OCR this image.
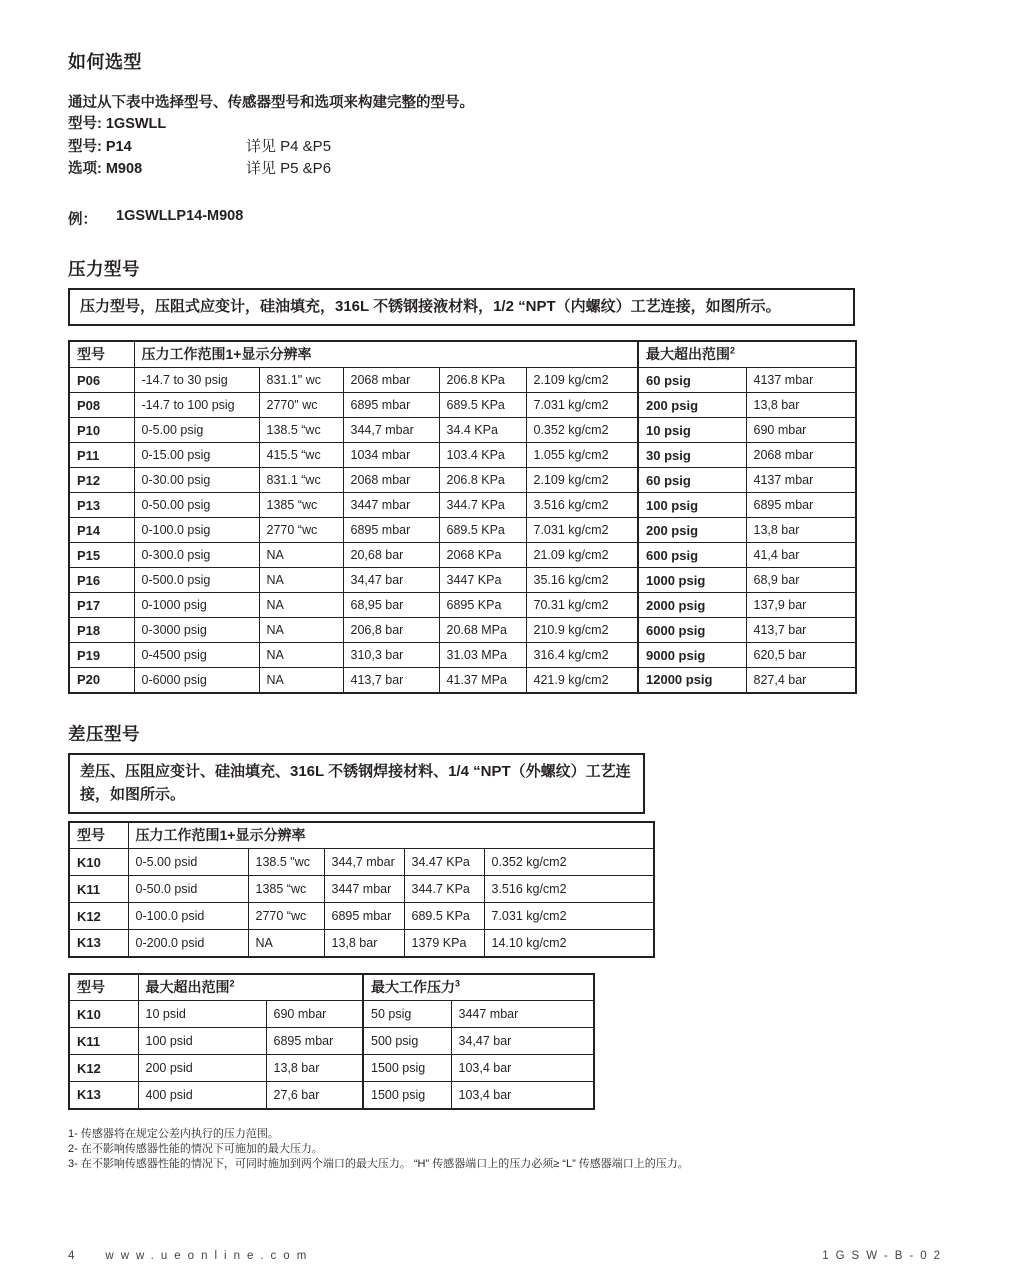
如何选型

通过从下表中选择型号、传感器型号和选项来构建完整的型号。

型号: 1GSWLL
型号: P14	详见 P4 &P5
选项: M908	详见 P5 &P6
例：	1GSWLLP14-M908
压力型号
压力型号，压阻式应变计，硅油填充，316L 不锈钢接液材料，1/2 “NPT（内螺纹）工艺连接，如图所示。
型号	压力工作范围1+显示分辨率					最大超出范围$^2$
P06	-14.7 to 30 psig	831.1" wc	2068 mbar	206.8 KPa	2.109 kg/cm2	60 psig	4137 mbar
P08	-14.7 to 100 psig	2770" wc	6895 mbar	689.5 KPa	7.031 kg/cm2	200 psig	13,8 bar
P10	0-5.00 psig	138.5 “wc	344,7 mbar	34.4 KPa	0.352 kg/cm2	10 psig	690 mbar
P11	0-15.00 psig	415.5 “wc	1034 mbar	103.4 KPa	1.055 kg/cm2	30 psig	2068 mbar
P12	0-30.00 psig	831.1 “wc	2068 mbar	206.8 KPa	2.109 kg/cm2	60 psig	4137 mbar
P13	0-50.00 psig	1385 “wc	3447 mbar	344.7 KPa	3.516 kg/cm2	100 psig	6895 mbar
P14	0-100.0 psig	2770 “wc	6895 mbar	689.5 KPa	7.031 kg/cm2	200 psig	13,8 bar
P15	0-300.0 psig	NA	20,68 bar	2068 KPa	21.09 kg/cm2	600 psig	41,4 bar
P16	0-500.0 psig	NA	34,47 bar	3447 KPa	35.16 kg/cm2	1000 psig	68,9 bar
P17	0-1000 psig	NA	68,95 bar	6895 KPa	70.31 kg/cm2	2000 psig	137,9 bar
P18	0-3000 psig	NA	206,8 bar	20.68 MPa	210.9 kg/cm2	6000 psig	413,7 bar
P19	0-4500 psig	NA	310,3 bar	31.03 MPa	316.4 kg/cm2	9000 psig	620,5 bar
P20	0-6000 psig	NA	413,7 bar	41.37 MPa	421.9 kg/cm2	12000 psig	827,4 bar
差压型号
差压、压阻应变计、硅油填充、316L 不锈钢焊接材料、1/4 “NPT（外螺纹）工艺连接，如图所示。
型号	压力工作范围1+显示分辨率				
K10	0-5.00 psid	138.5 "wc	344,7 mbar	34.47 KPa	0.352 kg/cm2
K11	0-50.0 psid	1385 “wc	3447 mbar	344.7 KPa	3.516 kg/cm2
K12	0-100.0 psid	2770 “wc	6895 mbar	689.5 KPa	7.031 kg/cm2
K13	0-200.0 psid	NA	13,8 bar	1379 KPa	14.10 kg/cm2
型号	最大超出范围$^2$		最大工作压力$^3$
K10	10 psid	690 mbar	50 psig	3447 mbar
K11	100 psid	6895 mbar	500 psig	34,47 bar
K12	200 psid	13,8 bar	1500 psig	103,4 bar
K13	400 psid	27,6 bar	1500 psig	103,4 bar

1- 传感器将在规定公差内执行的压力范围。

2- 在不影响传感器性能的情况下可施加的最大压力。

3- 在不影响传感器性能的情况下，可同时施加到两个端口的最大压力。 “H” 传感器端口上的压力必须≥ “L” 传感器端口上的压力。

4 www.ueonline.com	1GSW-B-02
